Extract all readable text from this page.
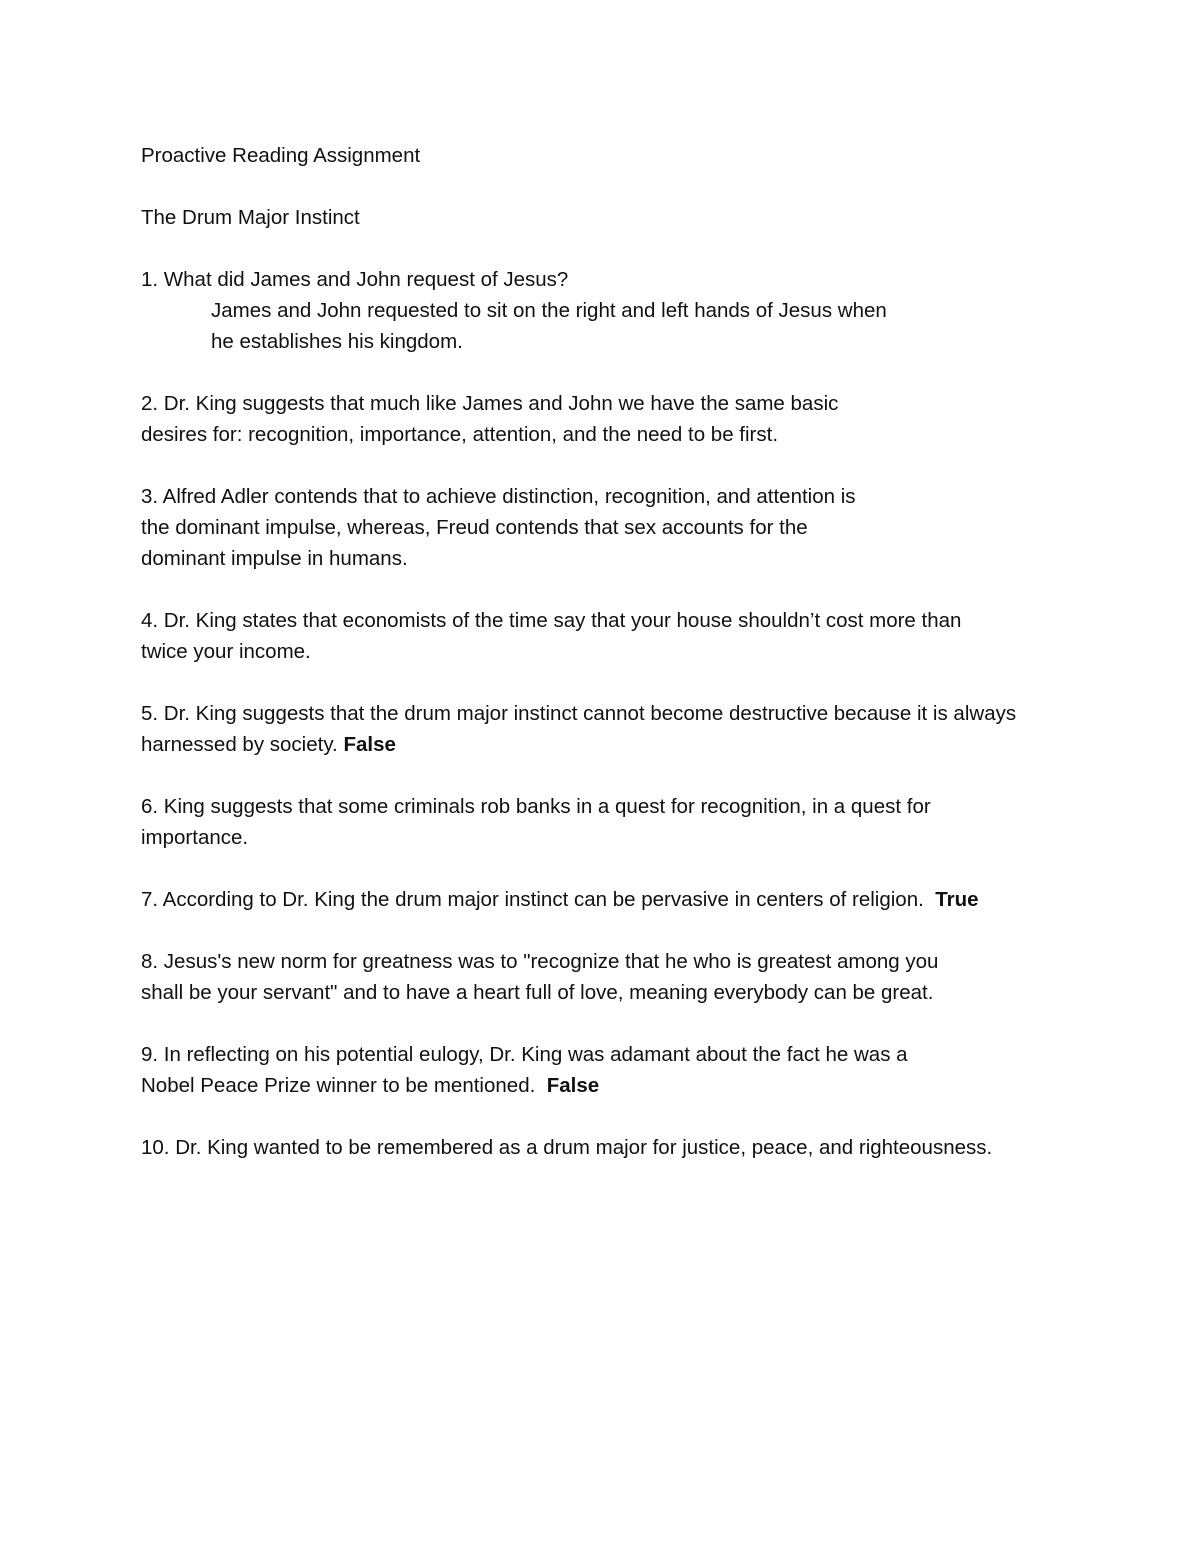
Proactive Reading Assignment

The Drum Major Instinct

1. What did James and John request of Jesus?

James and John requested to sit on the right and left hands of Jesus when

he establishes his kingdom.

2. Dr. King suggests that much like James and John we have the same basic

desires for: recognition, importance, attention, and the need to be first.

3. Alfred Adler contends that to achieve distinction, recognition, and attention is

the dominant impulse, whereas, Freud contends that sex accounts for the

dominant impulse in humans.

4. Dr. King states that economists of the time say that your house shouldn’t cost more than

twice your income.

5. Dr. King suggests that the drum major instinct cannot become destructive because it is always

harnessed by society. False

6. King suggests that some criminals rob banks in a quest for recognition, in a quest for

importance.

7. According to Dr. King the drum major instinct can be pervasive in centers of religion. True

8. Jesus's new norm for greatness was to "recognize that he who is greatest among you

shall be your servant" and to have a heart full of love, meaning everybody can be great.

9. In reflecting on his potential eulogy, Dr. King was adamant about the fact he was a

Nobel Peace Prize winner to be mentioned. False

10. Dr. King wanted to be remembered as a drum major for justice, peace, and righteousness.
